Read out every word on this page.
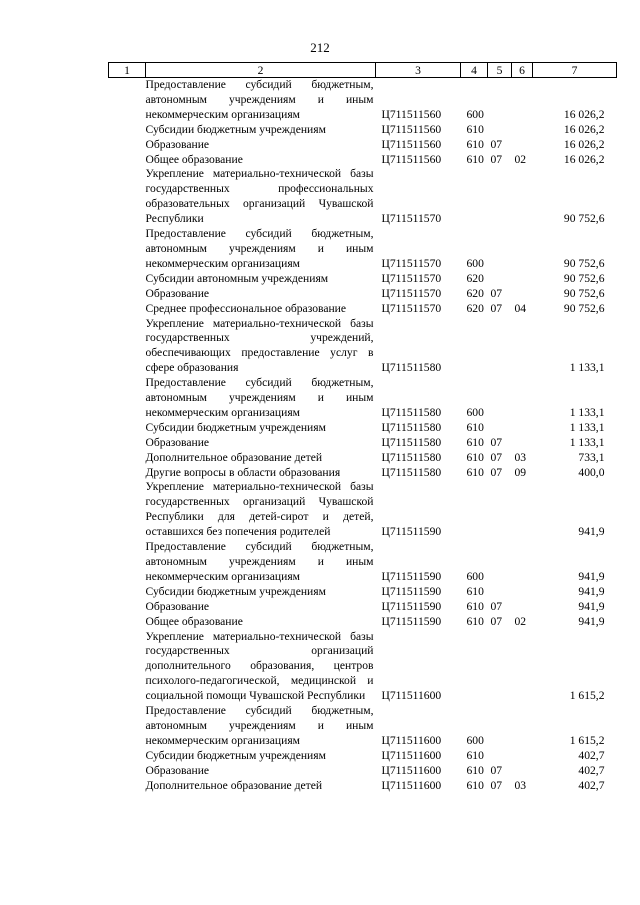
212
1	2	3	4	5	6	7
	Предоставление субсидий бюджетным, автономным учреждениям и иным некоммерческим организациям	Ц711511560	600			16 026,2
	Субсидии бюджетным учреждениям	Ц711511560	610			16 026,2
	Образование	Ц711511560	610	07		16 026,2
	Общее образование	Ц711511560	610	07	02	16 026,2
	Укрепление материально-технической базы государственных профессиональных образовательных организаций Чувашской Республики	Ц711511570				90 752,6
	Предоставление субсидий бюджетным, автономным учреждениям и иным некоммерческим организациям	Ц711511570	600			90 752,6
	Субсидии автономным учреждениям	Ц711511570	620			90 752,6
	Образование	Ц711511570	620	07		90 752,6
	Среднее профессиональное образование	Ц711511570	620	07	04	90 752,6
	Укрепление материально-технической базы государственных учреждений, обеспечивающих предоставление услуг в сфере образования	Ц711511580				1 133,1
	Предоставление субсидий бюджетным, автономным учреждениям и иным некоммерческим организациям	Ц711511580	600			1 133,1
	Субсидии бюджетным учреждениям	Ц711511580	610			1 133,1
	Образование	Ц711511580	610	07		1 133,1
	Дополнительное образование детей	Ц711511580	610	07	03	733,1
	Другие вопросы в области образования	Ц711511580	610	07	09	400,0
	Укрепление материально-технической базы государственных организаций Чувашской Республики для детей-сирот и детей, оставшихся без попечения родителей	Ц711511590				941,9
	Предоставление субсидий бюджетным, автономным учреждениям и иным некоммерческим организациям	Ц711511590	600			941,9
	Субсидии бюджетным учреждениям	Ц711511590	610			941,9
	Образование	Ц711511590	610	07		941,9
	Общее образование	Ц711511590	610	07	02	941,9
	Укрепление материально-технической базы государственных организаций дополнительного образования, центров психолого-педагогической, медицинской и социальной помощи Чувашской Республики	Ц711511600				1 615,2
	Предоставление субсидий бюджетным, автономным учреждениям и иным некоммерческим организациям	Ц711511600	600			1 615,2
	Субсидии бюджетным учреждениям	Ц711511600	610			402,7
	Образование	Ц711511600	610	07		402,7
	Дополнительное образование детей	Ц711511600	610	07	03	402,7
